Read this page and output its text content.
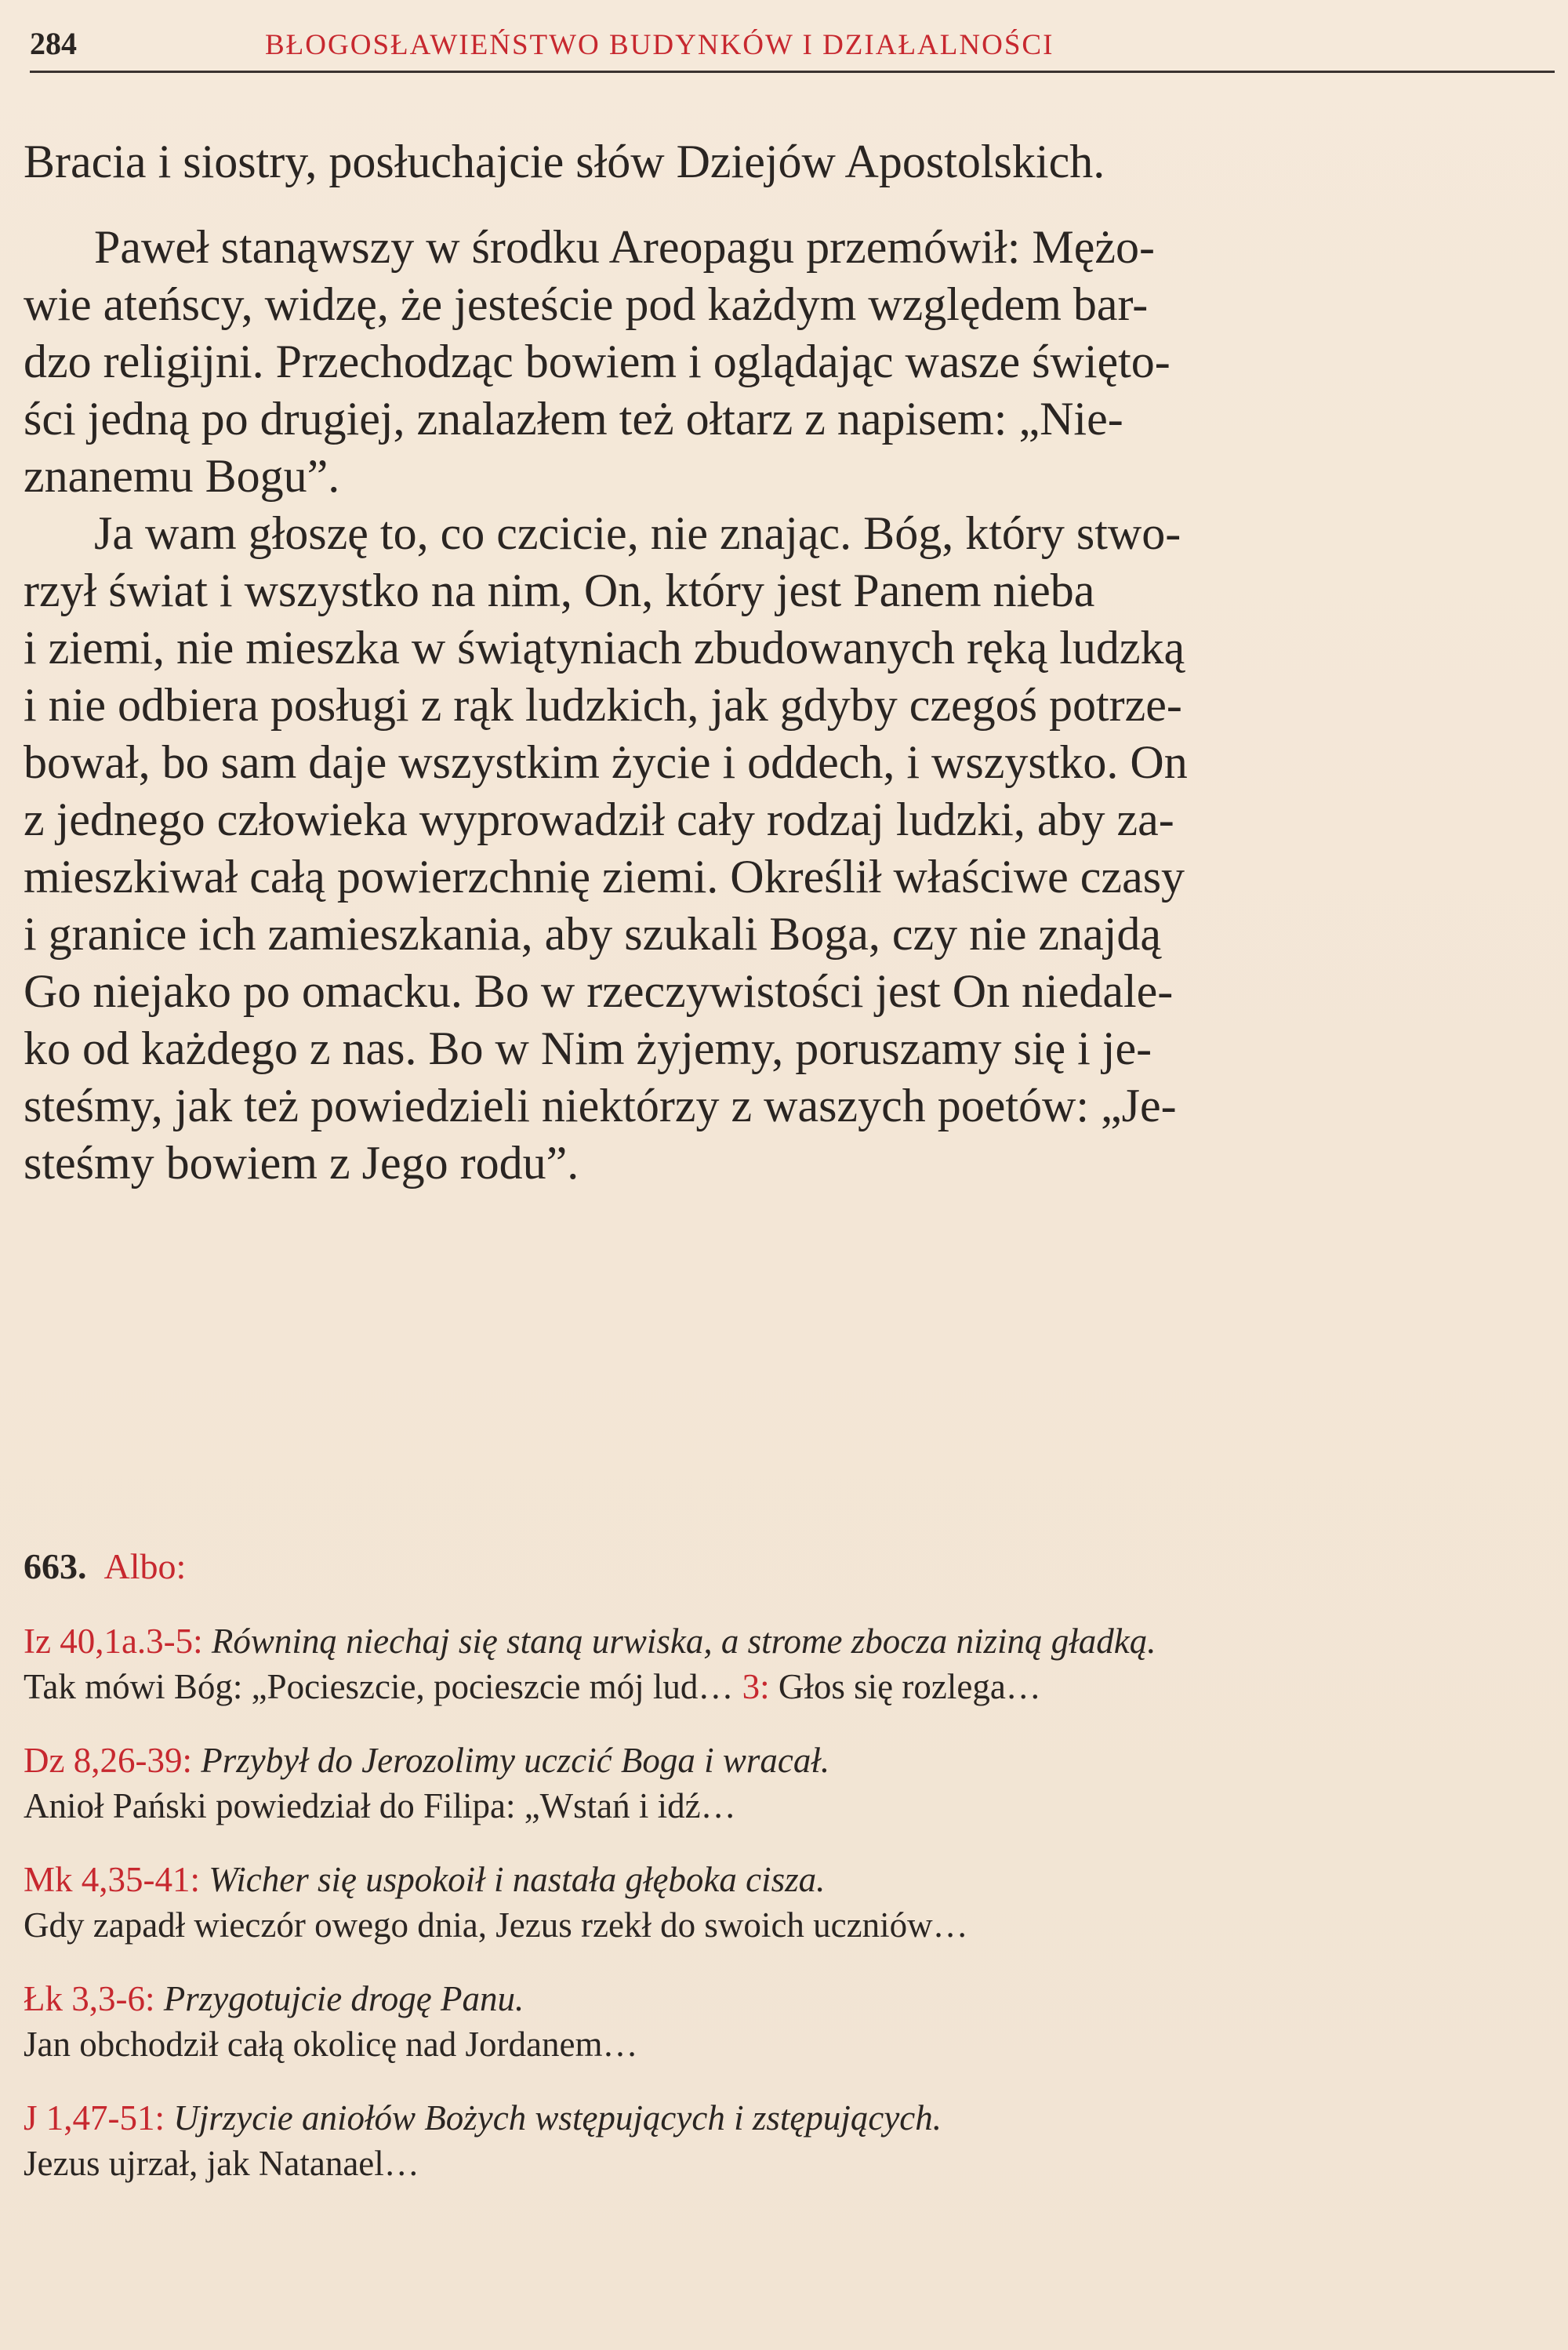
284	BŁOGOSŁAWIEŃSTWO BUDYNKÓW I DZIAŁALNOŚCI

Bracia i siostry, posłuchajcie słów Dziejów Apostolskich.

Paweł stanąwszy w środku Areopagu przemówił: Mężo-
wie ateńscy, widzę, że jesteście pod każdym względem bar-
dzo religijni. Przechodząc bowiem i oglądając wasze święto-
ści jedną po drugiej, znalazłem też ołtarz z napisem: „Nie-
znanemu Bogu”.

Ja wam głoszę to, co czcicie, nie znając. Bóg, który stwo-
rzył świat i wszystko na nim, On, który jest Panem nieba
i ziemi, nie mieszka w świątyniach zbudowanych ręką ludzką
i nie odbiera posługi z rąk ludzkich, jak gdyby czegoś potrze-
bował, bo sam daje wszystkim życie i oddech, i wszystko. On
z jednego człowieka wyprowadził cały rodzaj ludzki, aby za-
mieszkiwał całą powierzchnię ziemi. Określił właściwe czasy
i granice ich zamieszkania, aby szukali Boga, czy nie znajdą
Go niejako po omacku. Bo w rzeczywistości jest On niedale-
ko od każdego z nas. Bo w Nim żyjemy, poruszamy się i je-
steśmy, jak też powiedzieli niektórzy z waszych poetów: „Je-
steśmy bowiem z Jego rodu”.

663. Albo:
Iz 40,1a.3-5: Równiną niechaj się staną urwiska, a strome zbocza niziną gładką.
Tak mówi Bóg: „Pocieszcie, pocieszcie mój lud… 3: Głos się rozlega…
Dz 8,26-39: Przybył do Jerozolimy uczcić Boga i wracał.
Anioł Pański powiedział do Filipa: „Wstań i idź…
Mk 4,35-41: Wicher się uspokoił i nastała głęboka cisza.
Gdy zapadł wieczór owego dnia, Jezus rzekł do swoich uczniów…
Łk 3,3-6: Przygotujcie drogę Panu.
Jan obchodził całą okolicę nad Jordanem…
J 1,47-51: Ujrzycie aniołów Bożych wstępujących i zstępujących.
Jezus ujrzał, jak Natanael…
